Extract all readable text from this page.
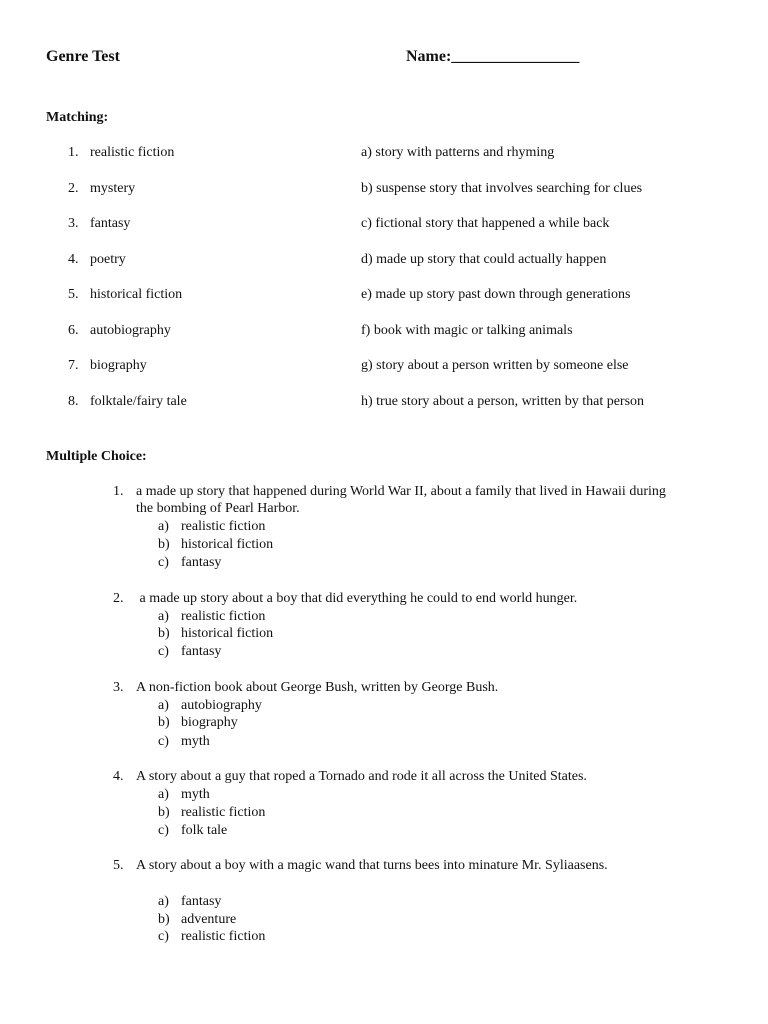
Genre Test	Name:________________
Matching:
1. realistic fiction	a) story with patterns and rhyming
2. mystery	b) suspense story that involves searching for clues
3. fantasy	c) fictional story that happened a while back
4. poetry	d) made up story that could actually happen
5. historical fiction	e) made up story past down through generations
6. autobiography	f) book with magic or talking animals
7. biography	g) story about a person written by someone else
8. folktale/fairy tale	h) true story about a person, written by that person
Multiple Choice:
1. a made up story that happened during World War II, about a family that lived in Hawaii during
the bombing of Pearl Harbor.
a) realistic fiction
b) historical fiction
c) fantasy
2. a made up story about a boy that did everything he could to end world hunger.
a) realistic fiction
b) historical fiction
c) fantasy
3. A non-fiction book about George Bush, written by George Bush.
a) autobiography
b) biography
c) myth
4. A story about a guy that roped a Tornado and rode it all across the United States.
a) myth
b) realistic fiction
c) folk tale
5. A story about a boy with a magic wand that turns bees into minature Mr. Syliaasens.
a) fantasy
b) adventure
c) realistic fiction
